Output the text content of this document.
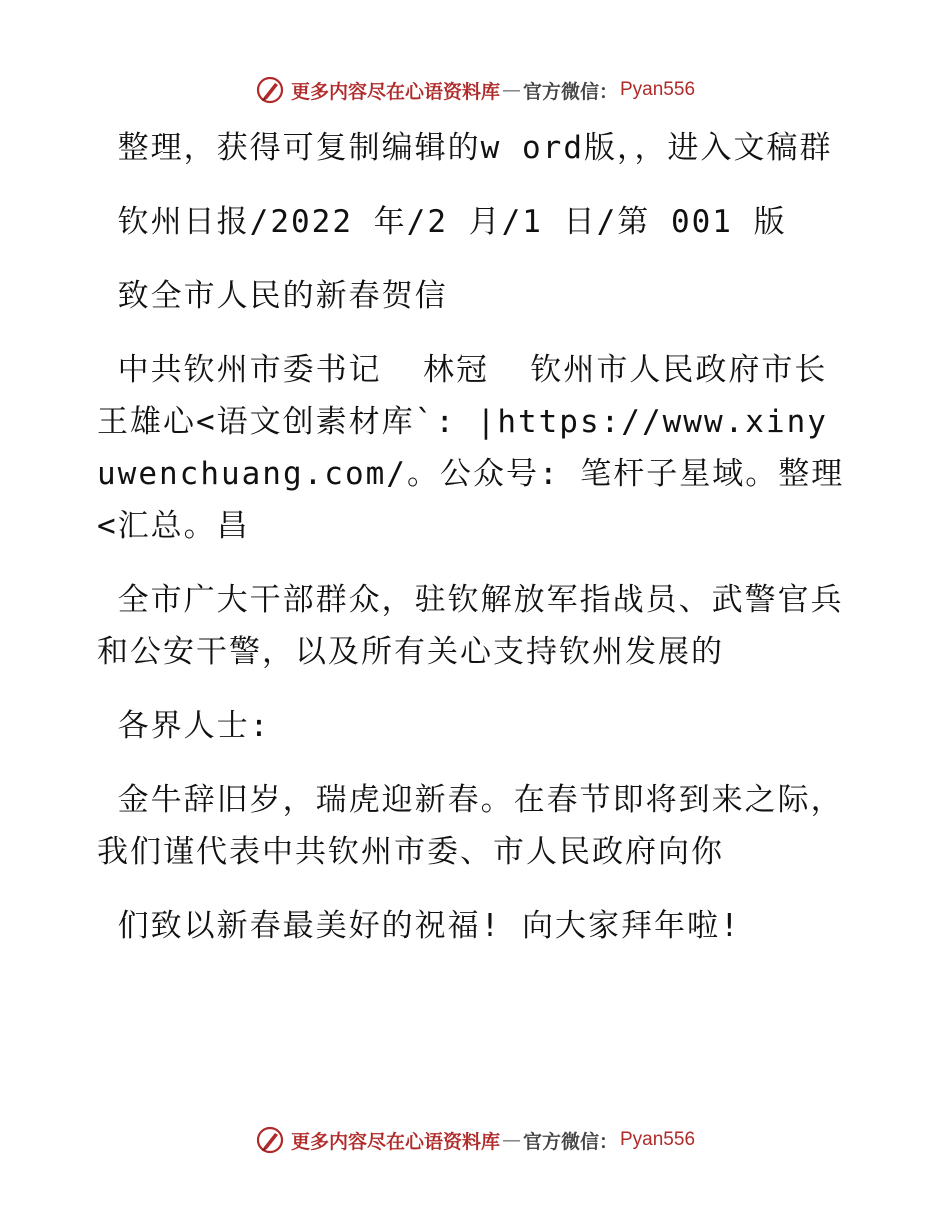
更多内容尽在心语资料库 — 官方微信： Pyan556

整理，获得可复制编辑的w ord版，，进入文稿群

钦州日报/2022 年/2 月/1 日/第 001 版

致全市人民的新春贺信

中共钦州市委书记  林冠  钦州市人民政府市长王雄心<语文创素材库`: |https://www.xinyuwenchuang.com/。公众号: 笔杆子星域。整理<汇总。昌

全市广大干部群众，驻钦解放军指战员、武警官兵和公安干警，以及所有关心支持钦州发展的

各界人士:

金牛辞旧岁，瑞虎迎新春。在春节即将到来之际，我们谨代表中共钦州市委、市人民政府向你

们致以新春最美好的祝福! 向大家拜年啦!

更多内容尽在心语资料库 — 官方微信： Pyan556
